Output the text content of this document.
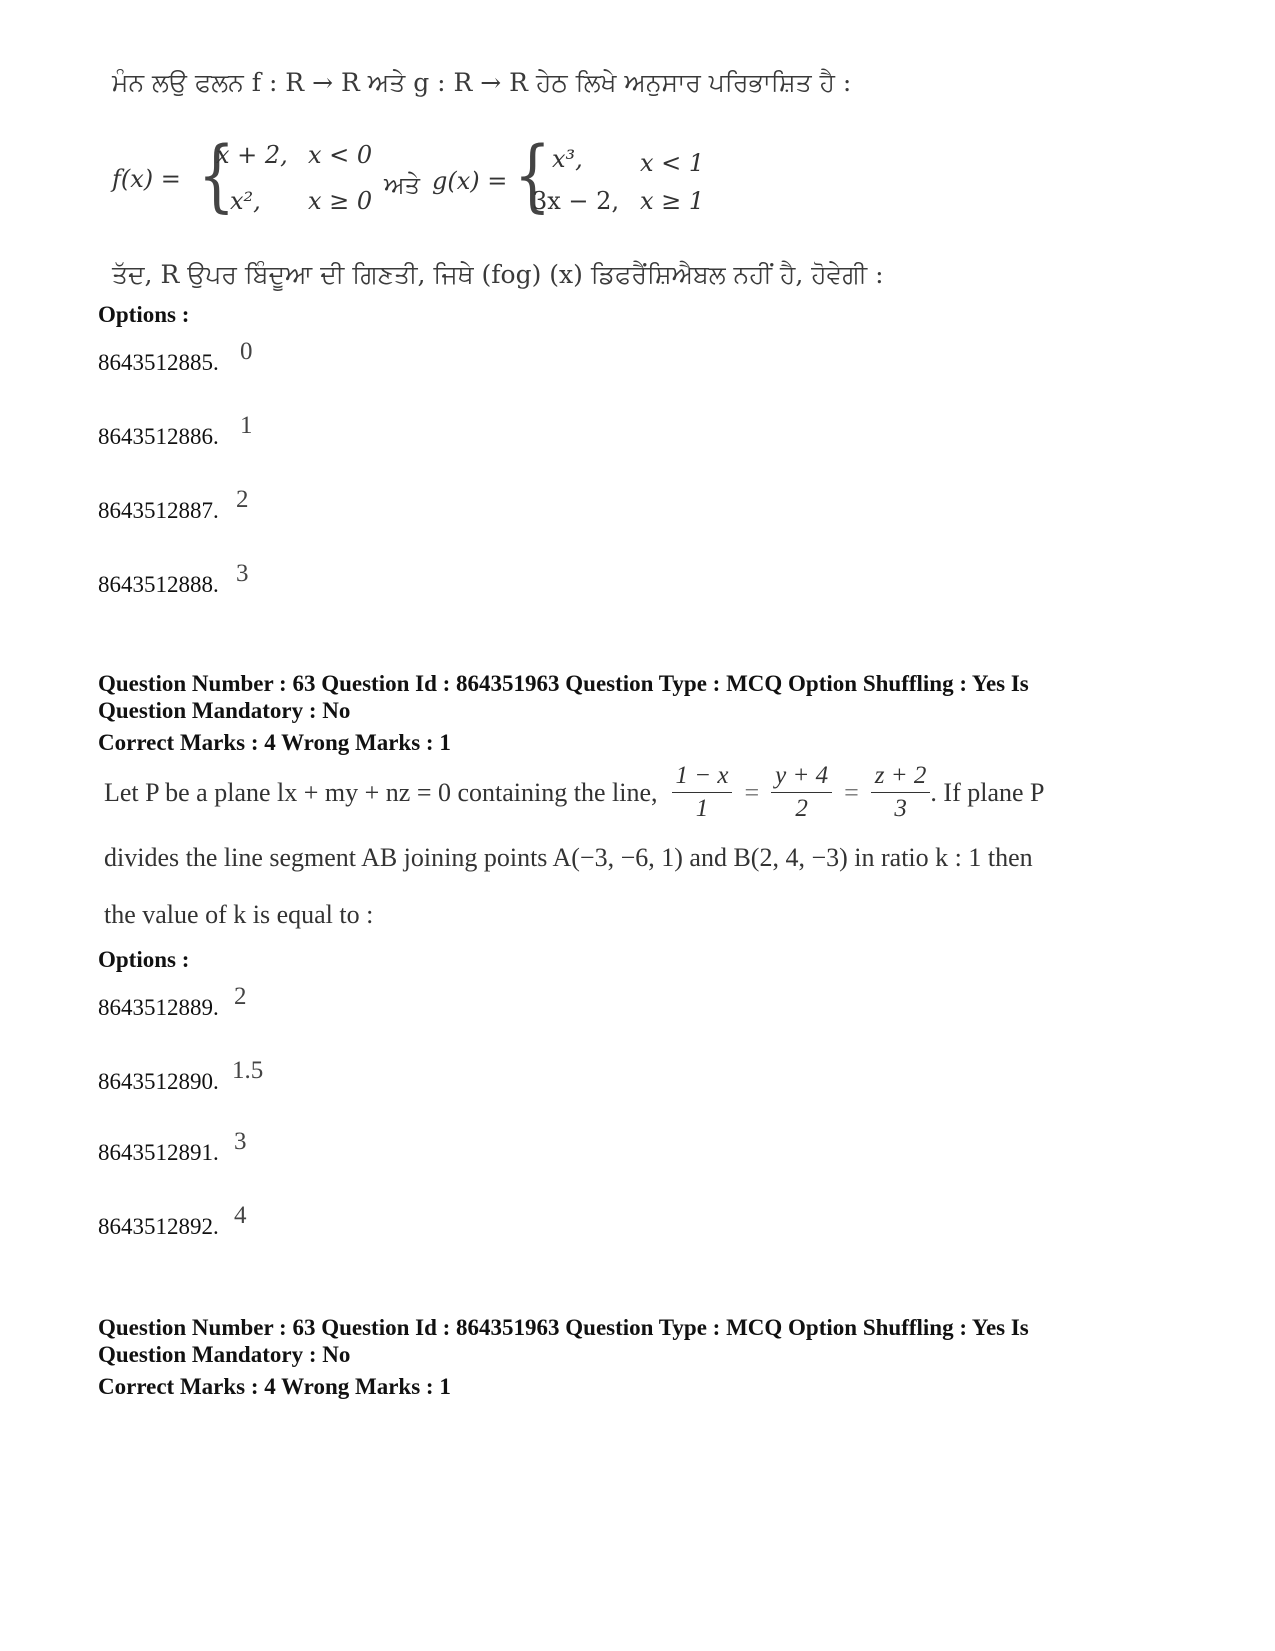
ਮੰਨ ਲਉ ਫਲਨ f : R → R ਅਤੇ g : R → R ਹੇਠ ਲਿਖੇ ਅਨੁਸਾਰ ਪਰਿਭਾਸ਼ਿਤ ਹੈ :
f(x) = {
x + 2, x < 0
x², x ≥ 0
ਅਤੇ g(x) = { x³, x < 1
3x − 2, x ≥ 1
ਤੱਦ, R ਉਪਰ ਬਿੰਦੂਆ ਦੀ ਗਿਣਤੀ, ਜਿਥੇ (fog) (x) ਡਿਫਰੈਂਸ਼ਿਐਬਲ ਨਹੀਂ ਹੈ, ਹੋਵੇਗੀ :
Options :
8643512885. 0
8643512886. 1
8643512887. 2
8643512888. 3
Question Number : 63 Question Id : 864351963 Question Type : MCQ Option Shuffling : Yes Is
Question Mandatory : No
Correct Marks : 4 Wrong Marks : 1
Let P be a plane lx + my + nz = 0 containing the line, $\frac{1 - x}{1} = \frac{y + 4}{2} = \frac{z + 2}{3}$ . If plane P
divides the line segment AB joining points A(−3, −6, 1) and B(2, 4, −3) in ratio k : 1 then
the value of k is equal to :
Options :
8643512889. 2
8643512890. 1.5
8643512891. 3
8643512892. 4
Question Number : 63 Question Id : 864351963 Question Type : MCQ Option Shuffling : Yes Is
Question Mandatory : No
Correct Marks : 4 Wrong Marks : 1
